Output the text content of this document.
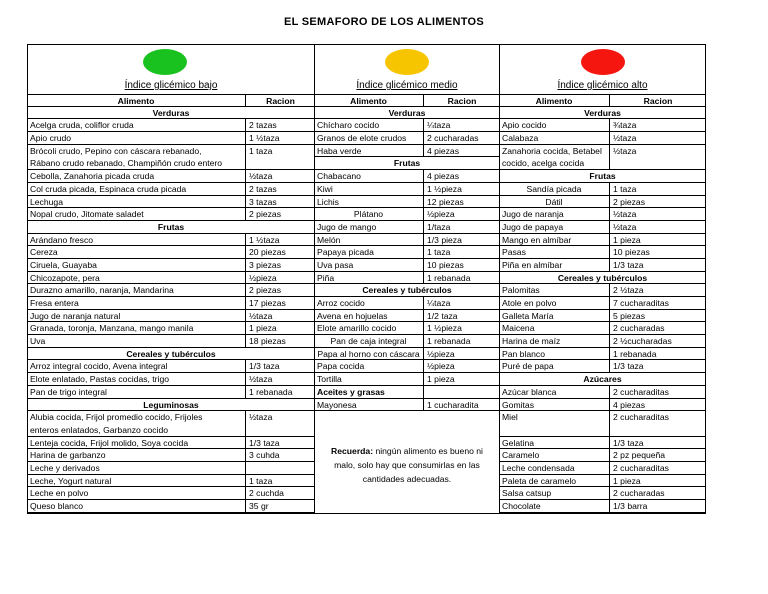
EL SEMAFORO DE LOS ALIMENTOS
Índice glicémico bajo
Alimento	Racion
Verduras
Acelga cruda, coliflor cruda	2 tazas
Apio crudo	1 ½taza
Brócoli crudo, Pepino con cáscara rebanado,
Rábano crudo rebanado, Champiñón crudo entero
1 taza
Cebolla, Zanahoria picada cruda	½taza
Col cruda picada, Espinaca cruda picada	2 tazas
Lechuga	3 tazas
Nopal crudo, Jitomate saladet	2 piezas
Frutas
Arándano fresco	1 ½taza
Cereza	20 piezas
Ciruela, Guayaba	3 piezas
Chicozapote, pera	½pieza
Durazno amarillo, naranja, Mandarina	2 piezas
Fresa entera	17 piezas
Jugo de naranja natural	½taza
Granada, toronja, Manzana, mango manila	1 pieza
Uva	18 piezas
Cereales y tubérculos
Arroz integral cocido, Avena integral	1/3 taza
Elote enlatado, Pastas cocidas, trigo	½taza
Pan de trigo integral	1 rebanada
Leguminosas
Alubia cocida, Frijol promedio cocido, Frijoles
enteros enlatados, Garbanzo cocido
½taza
Lenteja cocida, Frijol molido, Soya cocida	1/3 taza
Harina de garbanzo	3 cuhda
Leche y derivados
Leche, Yogurt natural	1 taza
Leche en polvo	2 cuchda
Queso blanco	35 gr
Índice glicémico medio
Alimento	Racion
Verduras
Chícharo cocido	¼taza
Granos de elote crudos	2 cucharadas
Haba verde	4 piezas
Frutas
Chabacano	4 piezas
Kiwi	1 ½pieza
Lichis	12 piezas
Plátano	½pieza
Jugo de mango	1/taza
Melón	1/3 pieza
Papaya picada	1 taza
Uva pasa	10 piezas
Piña	1 rebanada
Cereales y tubérculos
Arroz cocido	¼taza
Avena en hojuelas	1/2 taza
Elote amarillo cocido	1 ½pieza
Pan de caja integral	1 rebanada
Papa al horno con cáscara ½pieza
Papa cocida	½pieza
Tortilla	1 pieza
Aceites y grasas
Mayonesa	1 cucharadita
Recuerda: ningún alimento es bueno ni malo, solo hay que consumirlas en las cantidades adecuadas.
Índice glicémico alto
Alimento	Racion
Verduras
Apio cocido	¾taza
Calabaza	½taza
Zanahoria cocida, Betabel
cocido, acelga cocida
½taza
Frutas
Sandía picada	1 taza
Dátil	2 piezas
Jugo de naranja	½taza
Jugo de papaya	½taza
Mango en almíbar	1 pieza
Pasas	10 piezas
Piña en almíbar	1/3 taza
Cereales y tubérculos
Palomitas	2 ½taza
Atole en polvo	7 cucharaditas
Galleta María	5 piezas
Maicena	2 cucharadas
Harina de maíz	2 ½cucharadas
Pan blanco	1 rebanada
Puré de papa	1/3 taza
Azúcares
Azúcar blanca	2 cucharaditas
Gomitas	4 piezas
Miel	2 cucharaditas
Gelatina	1/3 taza
Caramelo	2 pz pequeña
Leche condensada	2 cucharaditas
Paleta de caramelo	1 pieza
Salsa catsup	2 cucharadas
Chocolate	1/3 barra
